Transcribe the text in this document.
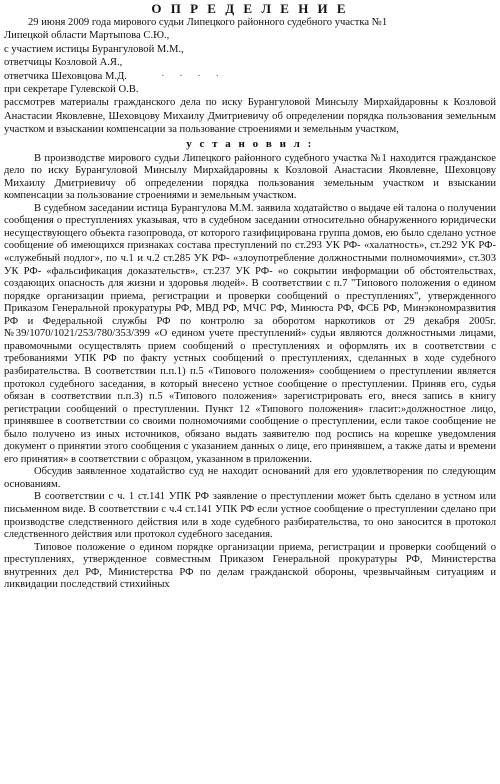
О П Р Е Д Е Л Е Н И Е
29 июня 2009 года мирового судьи Липецкого районного судебного участка №1
Липецкой области Мартыпова С.Ю.,
с участием истицы Бурангуловой М.М.,
ответчицы Козловой А.Я.,
ответчика Шеховцова М.Д.	· · · ·
при секретаре Гулевской О.В.
рассмотрев материалы гражданского дела по иску Бурангуловой Минсылу Мирхайдаровны к Козловой Анастасии Яковлевне, Шеховцову Михаилу Дмитриевичу об определении порядка пользования земельным участком и взыскании компенсации за пользование строениями и земельным участком,
у с т а н о в и л :

В производстве мирового судьи Липецкого районного судебного участка №1 находится гражданское дело по иску Бурангуловой Минсылу Мирхайдаровны к Козловой Анастасии Яковлевне, Шеховцову Михаилу Дмитриевичу об определении порядка пользования земельным участком и взыскании компенсации за пользование строениями и земельным участком.

В судебном заседании истица Бурангулова М.М. заявила ходатайство о выдаче ей талона о получении сообщения о преступлениях указывая, что в судебном заседании относительно обнаруженного юридически несуществующего объекта газопровода, от которого газифицирована группа домов, ею было сделано устное сообщение об имеющихся признаках состава преступлений по ст.293 УК РФ- «халатность», ст.292 УК РФ- «служебный подлог», по ч.1 и ч.2 ст.285 УК РФ- «злоупотребление должностными полномочиями», ст.303 УК РФ- «фальсификация доказательств», ст.237 УК РФ- «о сокрытии информации об обстоятельствах, создающих опасность для жизни и здоровья людей». В соответствии с п.7 "Типового положения о едином порядке организации приема, регистрации и проверки сообщений о преступлениях", утвержденного Приказом Генеральной прокуратуры РФ, МВД РФ, МЧС РФ, Минюста РФ, ФСБ РФ, Минэкономразвития РФ и Федеральной службы РФ по контролю за оборотом наркотиков от 29 декабря 2005г. №39/1070/1021/253/780/353/399 «О едином учете преступлений» судьи являются должностными лицами, правомочными осуществлять прием сообщений о преступлениях и оформлять их в соответствии с требованиями УПК РФ по факту устных сообщений о преступлениях, сделанных в ходе судебного разбирательства. В соответствии п.п.1) п.5 «Типового положения» сообщением о преступлении является протокол судебного заседания, в который внесено устное сообщение о преступлении. Приняв его, судья обязан в соответствии п.п.3) п.5 «Типового положения» зарегистрировать его, внеся запись в книгу регистрации сообщений о преступлении. Пункт 12 «Типового положения» гласит:»должностное лицо, принявшее в соответствии со своими полномочиями сообщение о преступлении, если такое сообщение не было получено из иных источников, обязано выдать заявителю под роспись на корешке уведомления документ о принятии этого сообщения с указанием данных о лице, его принявшем, а также даты и времени его принятия» в соответствии с образцом, указанном в приложении.

Обсудив заявленное ходатайство суд не находит оснований для его удовлетворения по следующим основаниям.

В соответствии с ч. 1 ст.141 УПК РФ заявление о преступлении может быть сделано в устном или письменном виде. В соответствии с ч.4 ст.141 УПК РФ если устное сообщение о преступлении сделано при производстве следственного действия или в ходе судебного разбирательства, то оно заносится в протокол следственного действия или протокол судебного заседания.

Типовое положение о едином порядке организации приема, регистрации и проверки сообщений о преступлениях, утвержденное совместным Приказом Генеральной прокуратуры РФ, Министерства внутренних дел РФ, Министерства РФ по делам гражданской обороны, чрезвычайным ситуациям и ликвидации последствий стихийных
